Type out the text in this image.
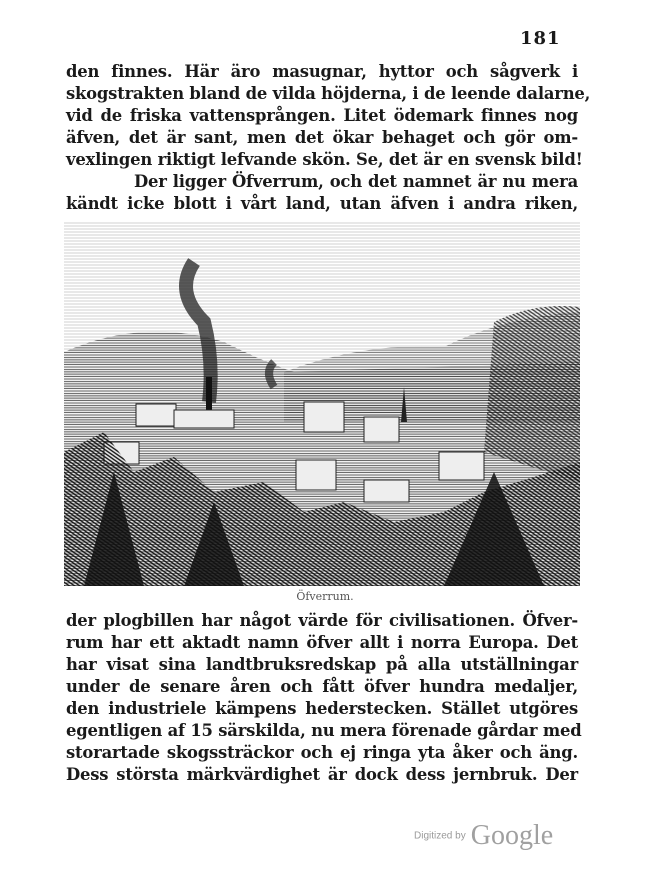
181
den finnes. Här äro masugnar, hyttor och sågverk i
skogstrakten bland de vilda höjderna, i de leende dalarne,
vid de friska vattensprången. Litet ödemark finnes nog
äfven, det är sant, men det ökar behaget och gör om-
vexlingen riktigt lefvande skön. Se, det är en svensk bild!
Der ligger Öfverrum, och det namnet är nu mera
kändt icke blott i vårt land, utan äfven i andra riken,
Öfverrum.
der plogbillen har något värde för civilisationen. Öfver-
rum har ett aktadt namn öfver allt i norra Europa. Det
har visat sina landtbruksredskap på alla utställningar
under de senare åren och fått öfver hundra medaljer,
den industriele kämpens hederstecken. Stället utgöres
egentligen af 15 särskilda, nu mera förenade gårdar med
storartade skogssträckor och ej ringa yta åker och äng.
Dess största märkvärdighet är dock dess jernbruk. Der
Digitized by Google
